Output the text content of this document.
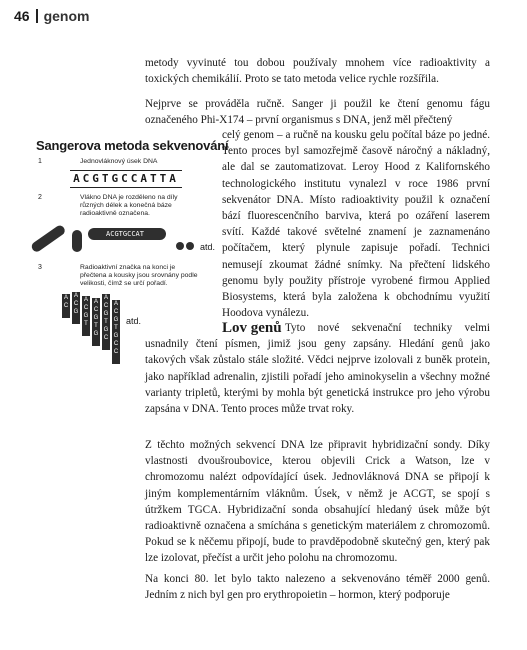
46 genom
metody vyvinuté tou dobou používaly mnohem více radioaktivity a toxických chemikálií. Proto se tato metoda velice rychle rozšířila.
Nejprve se prováděla ručně. Sanger ji použil ke čtení genomu fágu označeného Phi-X174 – první organismus s DNA, jenž měl přečtený
celý genom – a ručně na kousku gelu počítal báze po jedné. Tento proces byl samozřejmě časově náročný a nákladný, ale dal se zautomatizovat. Leroy Hood z Kalifornského technologického institutu vynalezl v roce 1986 první sekvenátor DNA. Místo radioaktivity použil k označení bází fluorescenčního barviva, která po ozáření laserem svítí. Každé takové světelné znamení je zaznamenáno počítačem, který plynule zapisuje pořadí. Technici nemusejí zkoumat žádné snímky. Na přečtení lidského genomu byly použity přístroje vyrobené firmou Applied Biosystems, která byla založena k obchodnímu využití Hoodova vynálezu.
Sangerova metoda sekvenování
1	Jednovláknový úsek DNA
ACGTGCCATTA
2	Vlákno DNA je rozděleno na díly různých délek a konečná báze radioaktivně označena.
ACGTGCCAT
atd.
3	Radioaktivní značka na konci je přečtena a kousky jsou srovnány podle velikosti, čímž se určí pořadí.
A
C
A
C
G
A
C
G
T
A
C
G
T
G
A
C
G
T
G
C
A
C
G
T
G
C
C
atd.	Lov genů Tyto nové sekvenační techniky velmi usnadnily čtení písmen, jimiž jsou geny zapsány. Hledání genů jako takových však zůstalo stále složité. Vědci nejprve izolovali z buněk protein, jako například adrenalin, zjistili pořadí jeho aminokyselin a všechny možné varianty tripletů, kterými by mohla být genetická instrukce pro jeho výrobu zapsána v DNA. Tento proces může trvat roky.
Z těchto možných sekvencí DNA lze připravit hybridizační sondy. Díky vlastnosti dvoušroubovice, kterou objevili Crick a Watson, lze v chromozomu nalézt odpovídající úsek. Jednovláknová DNA se připojí k jiným komplementárním vláknům. Úsek, v němž je ACGT, se spojí s útržkem TGCA. Hybridizační sonda obsahující hledaný úsek může být radioaktivně označena a smíchána s genetickým materiálem z chromozomů. Pokud se k něčemu připojí, bude to pravděpodobně skutečný gen, který pak lze izolovat, přečíst a určit jeho polohu na chromozomu.
Na konci 80. let bylo takto nalezeno a sekvenováno téměř 2000 genů. Jedním z nich byl gen pro erythropoietin – hormon, který podporuje
